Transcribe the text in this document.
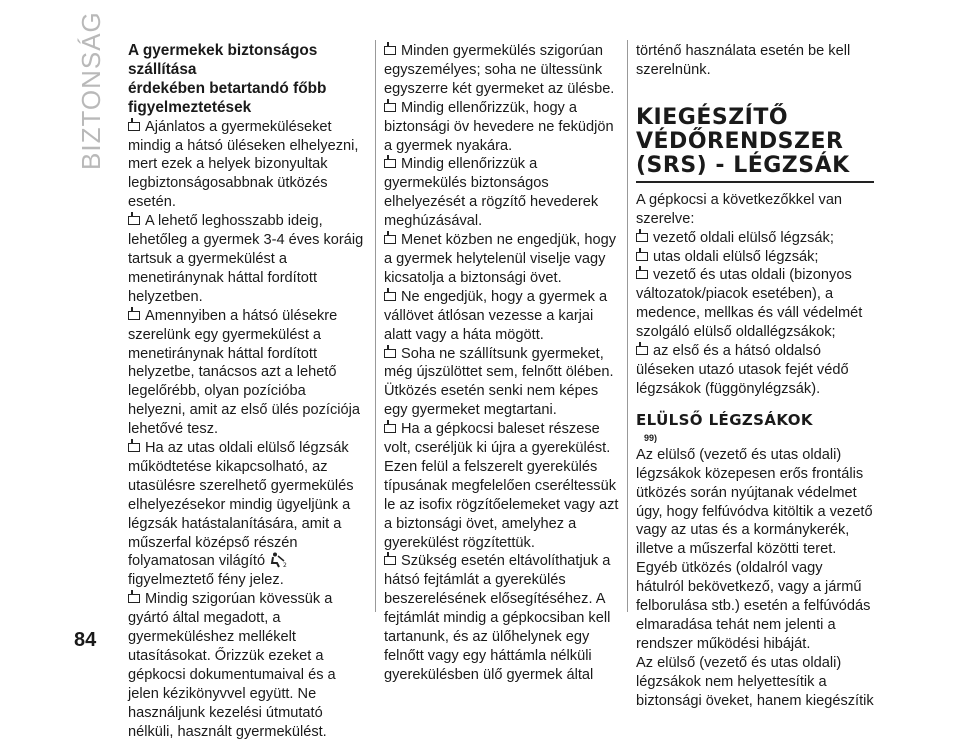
BIZTONSÁG
84
A gyermekek biztonságos szállítása
érdekében betartandó főbb
figyelmeztetések

Ajánlatos a gyermeküléseket mindig a hátsó üléseken elhelyezni, mert ezek a helyek bizonyultak legbiztonságosabbnak ütközés esetén.

A lehető leghosszabb ideig, lehetőleg a gyermek 3-4 éves koráig tartsuk a gyermekülést a menetiránynak háttal fordított helyzetben.

Amennyiben a hátsó ülésekre szerelünk egy gyermekülést a menetiránynak háttal fordított helyzetbe, tanácsos azt a lehető legelőrébb, olyan pozícióba helyezni, amit az első ülés pozíciója lehetővé tesz.

Ha az utas oldali elülső légzsák működtetése kikapcsolható, az utasülésre szerelhető gyermekülés elhelyezésekor mindig ügyeljünk a légzsák hatástalanítására, amit a műszerfal középső részén folyamatosan világító	2
figyelmeztető fény jelez.

Mindig szigorúan kövessük a gyártó által megadott, a gyermeküléshez mellékelt utasításokat. Őrizzük ezeket a gépkocsi dokumentumaival és a jelen kézikönyvvel együtt. Ne használjunk kezelési útmutató nélküli, használt gyermekülést.

Minden gyermekülés szigorúan egyszemélyes; soha ne ültessünk egyszerre két gyermeket az ülésbe.

Mindig ellenőrizzük, hogy a biztonsági öv hevedere ne feküdjön a gyermek nyakára.

Mindig ellenőrizzük a gyermekülés biztonságos elhelyezését a rögzítő hevederek meghúzásával.

Menet közben ne engedjük, hogy a gyermek helytelenül viselje vagy kicsatolja a biztonsági övet.

Ne engedjük, hogy a gyermek a vállövet átlósan vezesse a karjai alatt vagy a háta mögött.

Soha ne szállítsunk gyermeket, még újszülöttet sem, felnőtt ölében. Ütközés esetén senki nem képes egy gyermeket megtartani.

Ha a gépkocsi baleset részese volt, cseréljük ki újra a gyerekülést. Ezen felül a felszerelt gyerekülés típusának megfelelően cseréltessük le az isofix rögzítőelemeket vagy azt a biztonsági övet, amelyhez a gyerekülést rögzítettük.

Szükség esetén eltávolíthatjuk a hátsó fejtámlát a gyerekülés beszerelésének elősegítéséhez. A fejtámlát mindig a gépkocsiban kell tartanunk, és az ülőhelynek egy felnőtt vagy egy háttámla nélküli gyerekülésben ülő gyermek által

történő használata esetén be kell szerelnünk.

KIEGÉSZÍTŐ
VÉDŐRENDSZER
(SRS) - LÉGZSÁK

A gépkocsi a következőkkel van szerelve:

vezető oldali elülső légzsák;

utas oldali elülső légzsák;

vezető és utas oldali (bizonyos változatok/piacok esetében), a medence, mellkas és váll védelmét szolgáló elülső oldallégzsákok;

az első és a hátsó oldalsó üléseken utazó utasok fejét védő légzsákok (függönylégzsák).

ELÜLSŐ LÉGZSÁKOK
99)

Az elülső (vezető és utas oldali) légzsákok közepesen erős frontális ütközés során nyújtanak védelmet úgy, hogy felfúvódva kitöltik a vezető vagy az utas és a kormánykerék, illetve a műszerfal közötti teret.

Egyéb ütközés (oldalról vagy hátulról bekövetkező, vagy a jármű felborulása stb.) esetén a felfúvódás elmaradása tehát nem jelenti a rendszer működési hibáját.

Az elülső (vezető és utas oldali) légzsákok nem helyettesítik a biztonsági öveket, hanem kiegészítik
